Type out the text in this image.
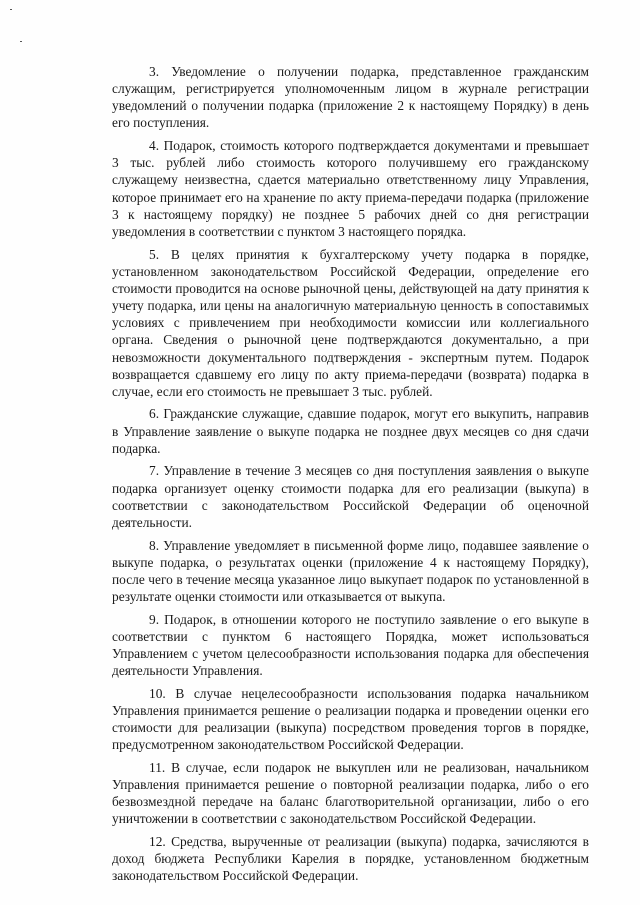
3. Уведомление о получении подарка, представленное гражданским служащим, регистрируется уполномоченным лицом в журнале регистрации уведомлений о получении подарка (приложение 2 к настоящему Порядку) в день его поступления.

4. Подарок, стоимость которого подтверждается документами и превышает 3 тыс. рублей либо стоимость которого получившему его гражданскому служащему неизвестна, сдается материально ответственному лицу Управления, которое принимает его на хранение по акту приема-передачи подарка (приложение 3 к настоящему порядку) не позднее 5 рабочих дней со дня регистрации уведомления в соответствии с пунктом 3 настоящего порядка.

5. В целях принятия к бухгалтерскому учету подарка в порядке, установленном законодательством Российской Федерации, определение его стоимости проводится на основе рыночной цены, действующей на дату принятия к учету подарка, или цены на аналогичную материальную ценность в сопоставимых условиях с привлечением при необходимости комиссии или коллегиального органа. Сведения о рыночной цене подтверждаются документально, а при невозможности документального подтверждения - экспертным путем. Подарок возвращается сдавшему его лицу по акту приема-передачи (возврата) подарка в случае, если его стоимость не превышает 3 тыс. рублей.

6. Гражданские служащие, сдавшие подарок, могут его выкупить, направив в Управление заявление о выкупе подарка не позднее двух месяцев со дня сдачи подарка.

7. Управление в течение 3 месяцев со дня поступления заявления о выкупе подарка организует оценку стоимости подарка для его реализации (выкупа) в соответствии с законодательством Российской Федерации об оценочной деятельности.

8. Управление уведомляет в письменной форме лицо, подавшее заявление о выкупе подарка, о результатах оценки (приложение 4 к настоящему Порядку), после чего в течение месяца указанное лицо выкупает подарок по установленной в результате оценки стоимости или отказывается от выкупа.

9. Подарок, в отношении которого не поступило заявление о его выкупе в соответствии с пунктом 6 настоящего Порядка, может использоваться Управлением с учетом целесообразности использования подарка для обеспечения деятельности Управления.

10. В случае нецелесообразности использования подарка начальником Управления принимается решение о реализации подарка и проведении оценки его стоимости для реализации (выкупа) посредством проведения торгов в порядке, предусмотренном законодательством Российской Федерации.

11. В случае, если подарок не выкуплен или не реализован, начальником Управления принимается решение о повторной реализации подарка, либо о его безвозмездной передаче на баланс благотворительной организации, либо о его уничтожении в соответствии с законодательством Российской Федерации.

12. Средства, вырученные от реализации (выкупа) подарка, зачисляются в доход бюджета Республики Карелия в порядке, установленном бюджетным законодательством Российской Федерации.
